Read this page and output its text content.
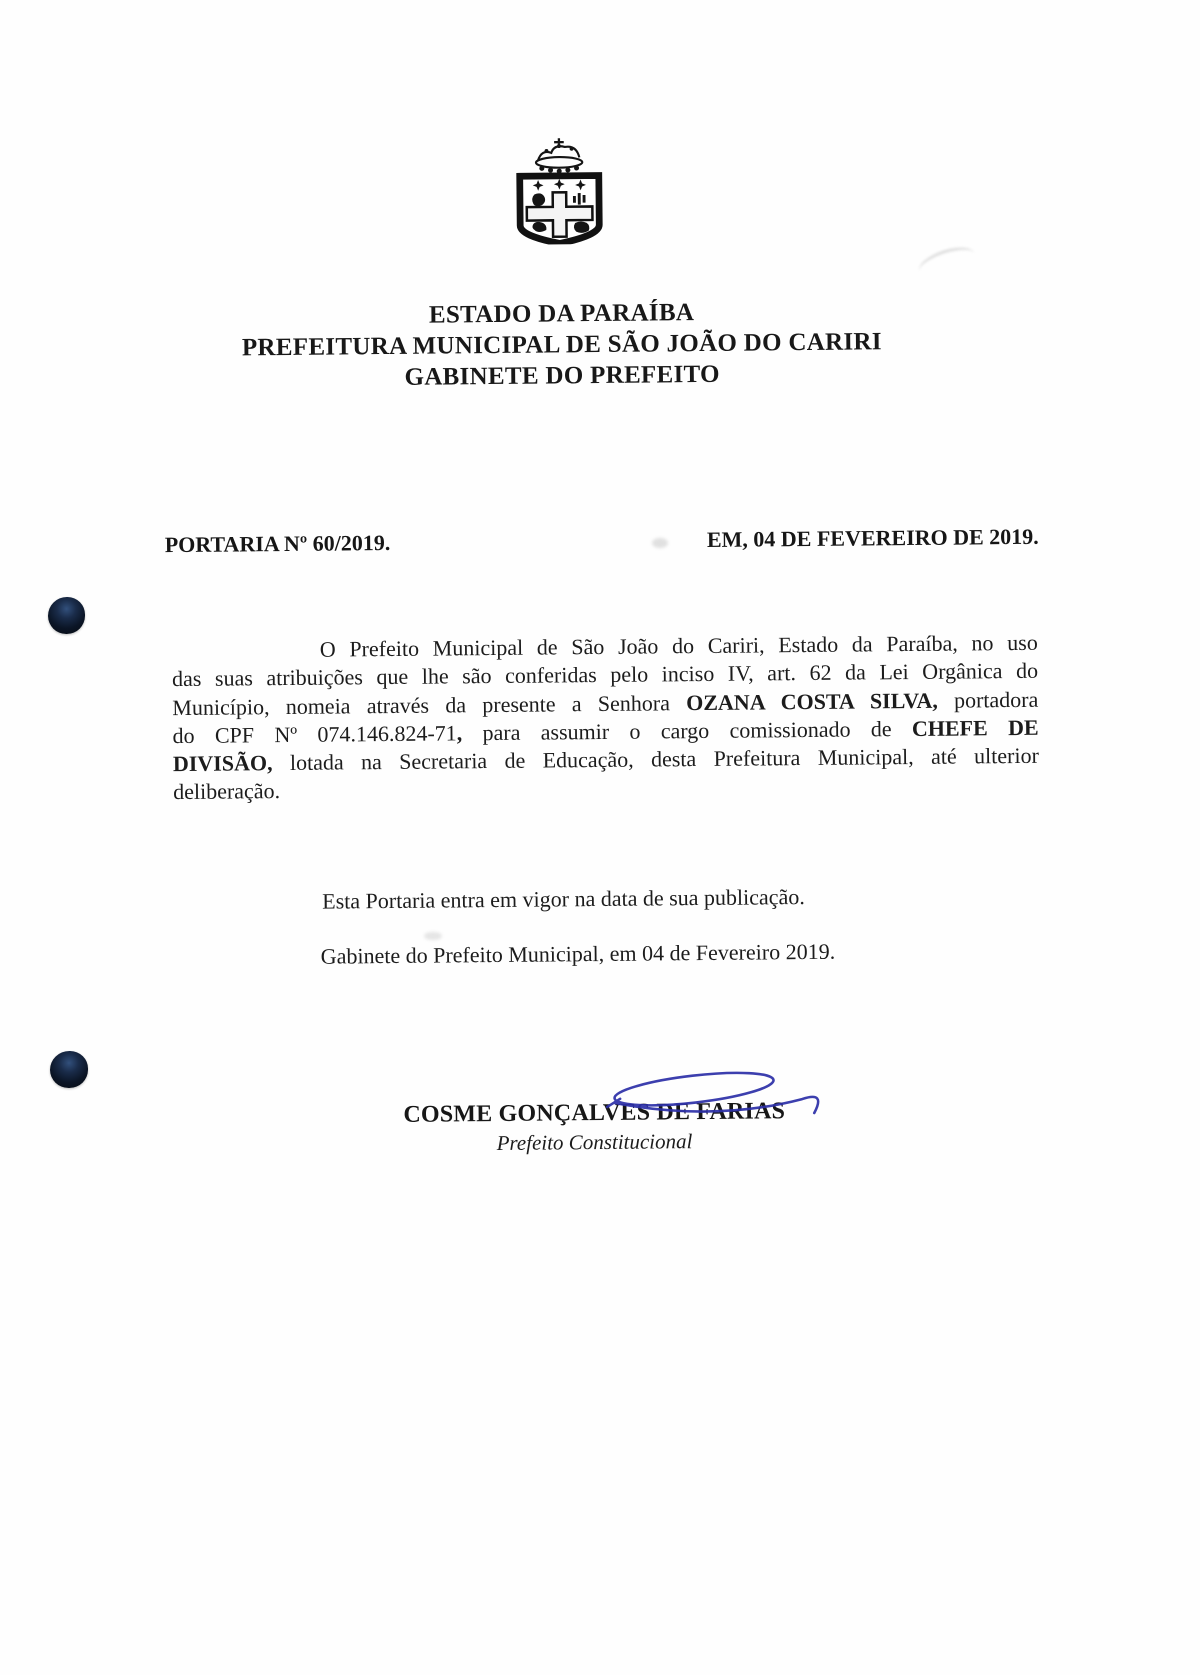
ESTADO DA PARAÍBA
PREFEITURA MUNICIPAL DE SÃO JOÃO DO CARIRI
GABINETE DO PREFEITO
PORTARIA Nº 60/2019.	EM, 04 DE FEVEREIRO DE 2019.
O Prefeito Municipal de São João do Cariri, Estado da Paraíba, no uso
das suas atribuições que lhe são conferidas pelo inciso IV, art. 62 da Lei Orgânica do
Município, nomeia através da presente a Senhora OZANA COSTA SILVA, portadora
do CPF Nº 074.146.824-71, para assumir o cargo comissionado de CHEFE DE
DIVISÃO, lotada na Secretaria de Educação, desta Prefeitura Municipal, até ulterior
deliberação.
Esta Portaria entra em vigor na data de sua publicação.
Gabinete do Prefeito Municipal, em 04 de Fevereiro 2019.
COSME GONÇALVES DE FARIAS
Prefeito Constitucional
